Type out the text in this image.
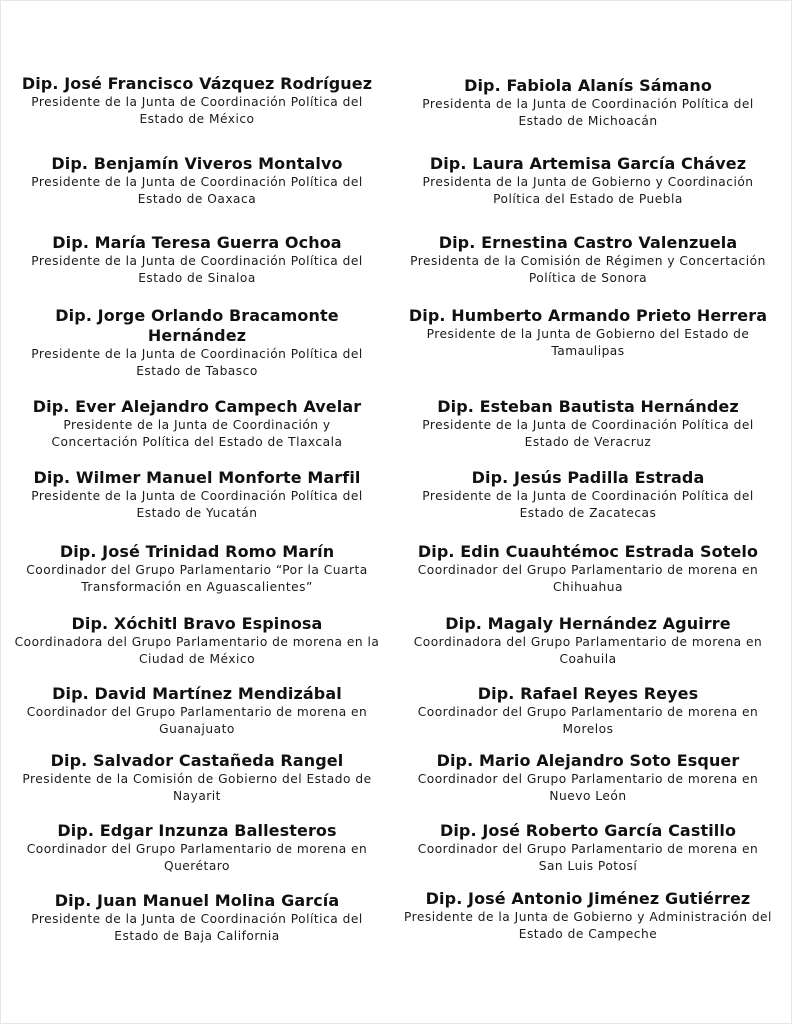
Dip. José Francisco Vázquez Rodríguez
Presidente de la Junta de Coordinación Política del Estado de México
Dip. Benjamín Viveros Montalvo
Presidente de la Junta de Coordinación Política del Estado de Oaxaca
Dip. María Teresa Guerra Ochoa
Presidente de la Junta de Coordinación Política del Estado de Sinaloa
Dip. Jorge Orlando Bracamonte Hernández
Presidente de la Junta de Coordinación Política del Estado de Tabasco
Dip. Ever Alejandro Campech Avelar
Presidente de la Junta de Coordinación y Concertación Política del Estado de Tlaxcala
Dip. Wilmer Manuel Monforte Marfil
Presidente de la Junta de Coordinación Política del Estado de Yucatán
Dip. José Trinidad Romo Marín
Coordinador del Grupo Parlamentario “Por la Cuarta Transformación en Aguascalientes”
Dip. Xóchitl Bravo Espinosa
Coordinadora del Grupo Parlamentario de morena en la Ciudad de México
Dip. David Martínez Mendizábal
Coordinador del Grupo Parlamentario de morena en Guanajuato
Dip. Salvador Castañeda Rangel
Presidente de la Comisión de Gobierno del Estado de Nayarit
Dip. Edgar Inzunza Ballesteros
Coordinador del Grupo Parlamentario de morena en Querétaro
Dip. Juan Manuel Molina García
Presidente de la Junta de Coordinación Política del Estado de Baja California
Dip. Fabiola Alanís Sámano
Presidenta de la Junta de Coordinación Política del Estado de Michoacán
Dip. Laura Artemisa García Chávez
Presidenta de la Junta de Gobierno y Coordinación Política del Estado de Puebla
Dip. Ernestina Castro Valenzuela
Presidenta de la Comisión de Régimen y Concertación Política de Sonora
Dip. Humberto Armando Prieto Herrera
Presidente de la Junta de Gobierno del Estado de Tamaulipas
Dip. Esteban Bautista Hernández
Presidente de la Junta de Coordinación Política del Estado de Veracruz
Dip. Jesús Padilla Estrada
Presidente de la Junta de Coordinación Política del Estado de Zacatecas
Dip. Edin Cuauhtémoc Estrada Sotelo
Coordinador del Grupo Parlamentario de morena en Chihuahua
Dip. Magaly Hernández Aguirre
Coordinadora del Grupo Parlamentario de morena en Coahuila
Dip. Rafael Reyes Reyes
Coordinador del Grupo Parlamentario de morena en Morelos
Dip. Mario Alejandro Soto Esquer
Coordinador del Grupo Parlamentario de morena en Nuevo León
Dip. José Roberto García Castillo
Coordinador del Grupo Parlamentario de morena en San Luis Potosí
Dip. José Antonio Jiménez Gutiérrez
Presidente de la Junta de Gobierno y Administración del Estado de Campeche
